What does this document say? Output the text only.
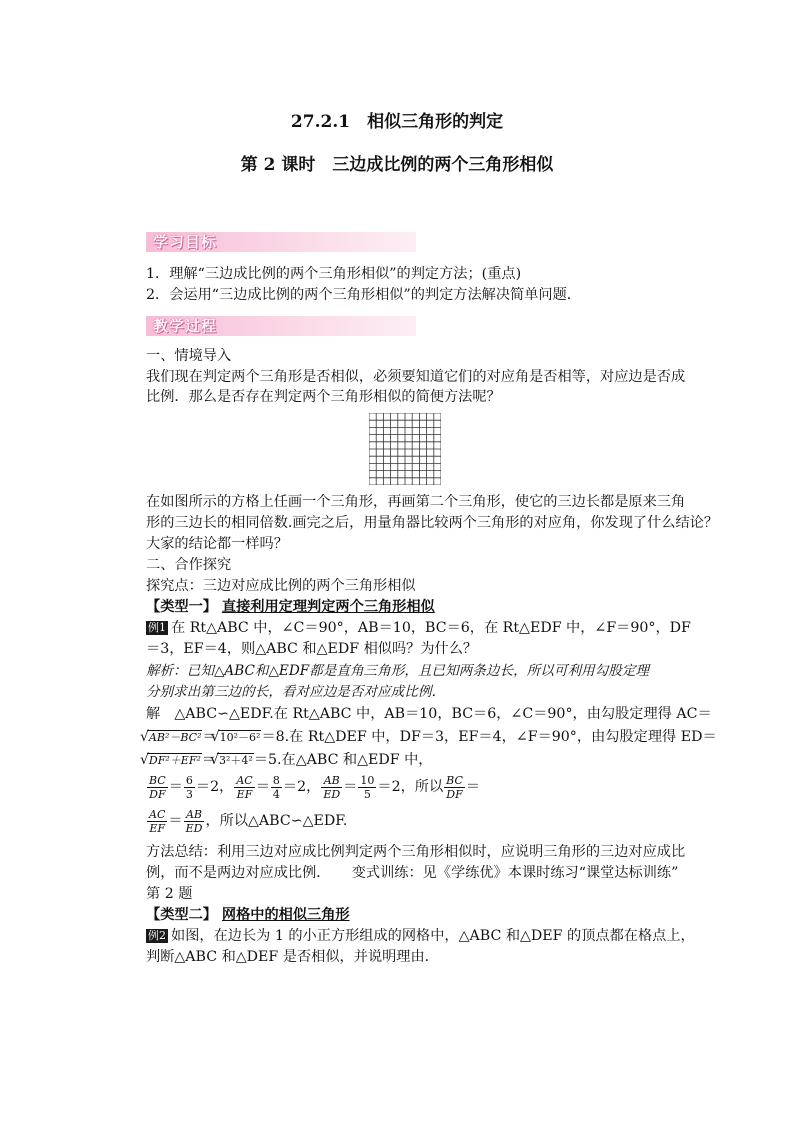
27.2.1　相似三角形的判定
第 2 课时　三边成比例的两个三角形相似
学习目标
1．理解“三边成比例的两个三角形相似”的判定方法；(重点)
2．会运用“三边成比例的两个三角形相似”的判定方法解决简单问题．
教学过程
一、情境导入
我们现在判定两个三角形是否相似，必须要知道它们的对应角是否相等，对应边是否成
比例．那么是否存在判定两个三角形相似的简便方法呢？
在如图所示的方格上任画一个三角形，再画第二个三角形，使它的三边长都是原来三角
形的三边长的相同倍数.画完之后，用量角器比较两个三角形的对应角，你发现了什么结论？
大家的结论都一样吗？
二、合作探究
探究点：三边对应成比例的两个三角形相似
【类型一】 直接利用定理判定两个三角形相似
例1 在 Rt△ABC 中，∠C＝90°，AB＝10，BC＝6，在 Rt△EDF 中，∠F＝90°，DF
＝3，EF＝4，则△ABC 和△EDF 相似吗？为什么？
解析：已知△ABC和△EDF都是直角三角形，且已知两条边长，所以可利用勾股定理
分别求出第三边的长，看对应边是否对应成比例．
解　△ABC∽△EDF.在 Rt△ABC 中，AB＝10，BC＝6，∠C＝90°，由勾股定理得 AC＝
√ AB²－BC²＝ √ 10²－6²＝8.在 Rt△DEF 中，DF＝3，EF＝4，∠F＝90°，由勾股定理得 ED＝
√ DF²＋EF²＝ √ 3²＋4²＝5.在△ABC 和△EDF 中，
$\frac{BC}{DF} = \frac{6}{3} =2$， $\frac{AC}{EF} = \frac{8}{4} =2$， $\frac{AB}{ED} = \frac{10}{5} =2$，所以 $\frac{BC}{DF}$ ＝
$\frac{AC}{EF} = \frac{AB}{ED}$ ，所以△ABC∽△EDF.
方法总结：利用三边对应成比例判定两个三角形相似时，应说明三角形的三边对应成比
例，而不是两边对应成比例．　　 变式训练：见《学练优》本课时练习“课堂达标训练”
第 2 题
【类型二】 网格中的相似三角形
例2 如图，在边长为 1 的小正方形组成的网格中，△ABC 和△DEF 的顶点都在格点上，
判断△ABC 和△DEF 是否相似，并说明理由．
